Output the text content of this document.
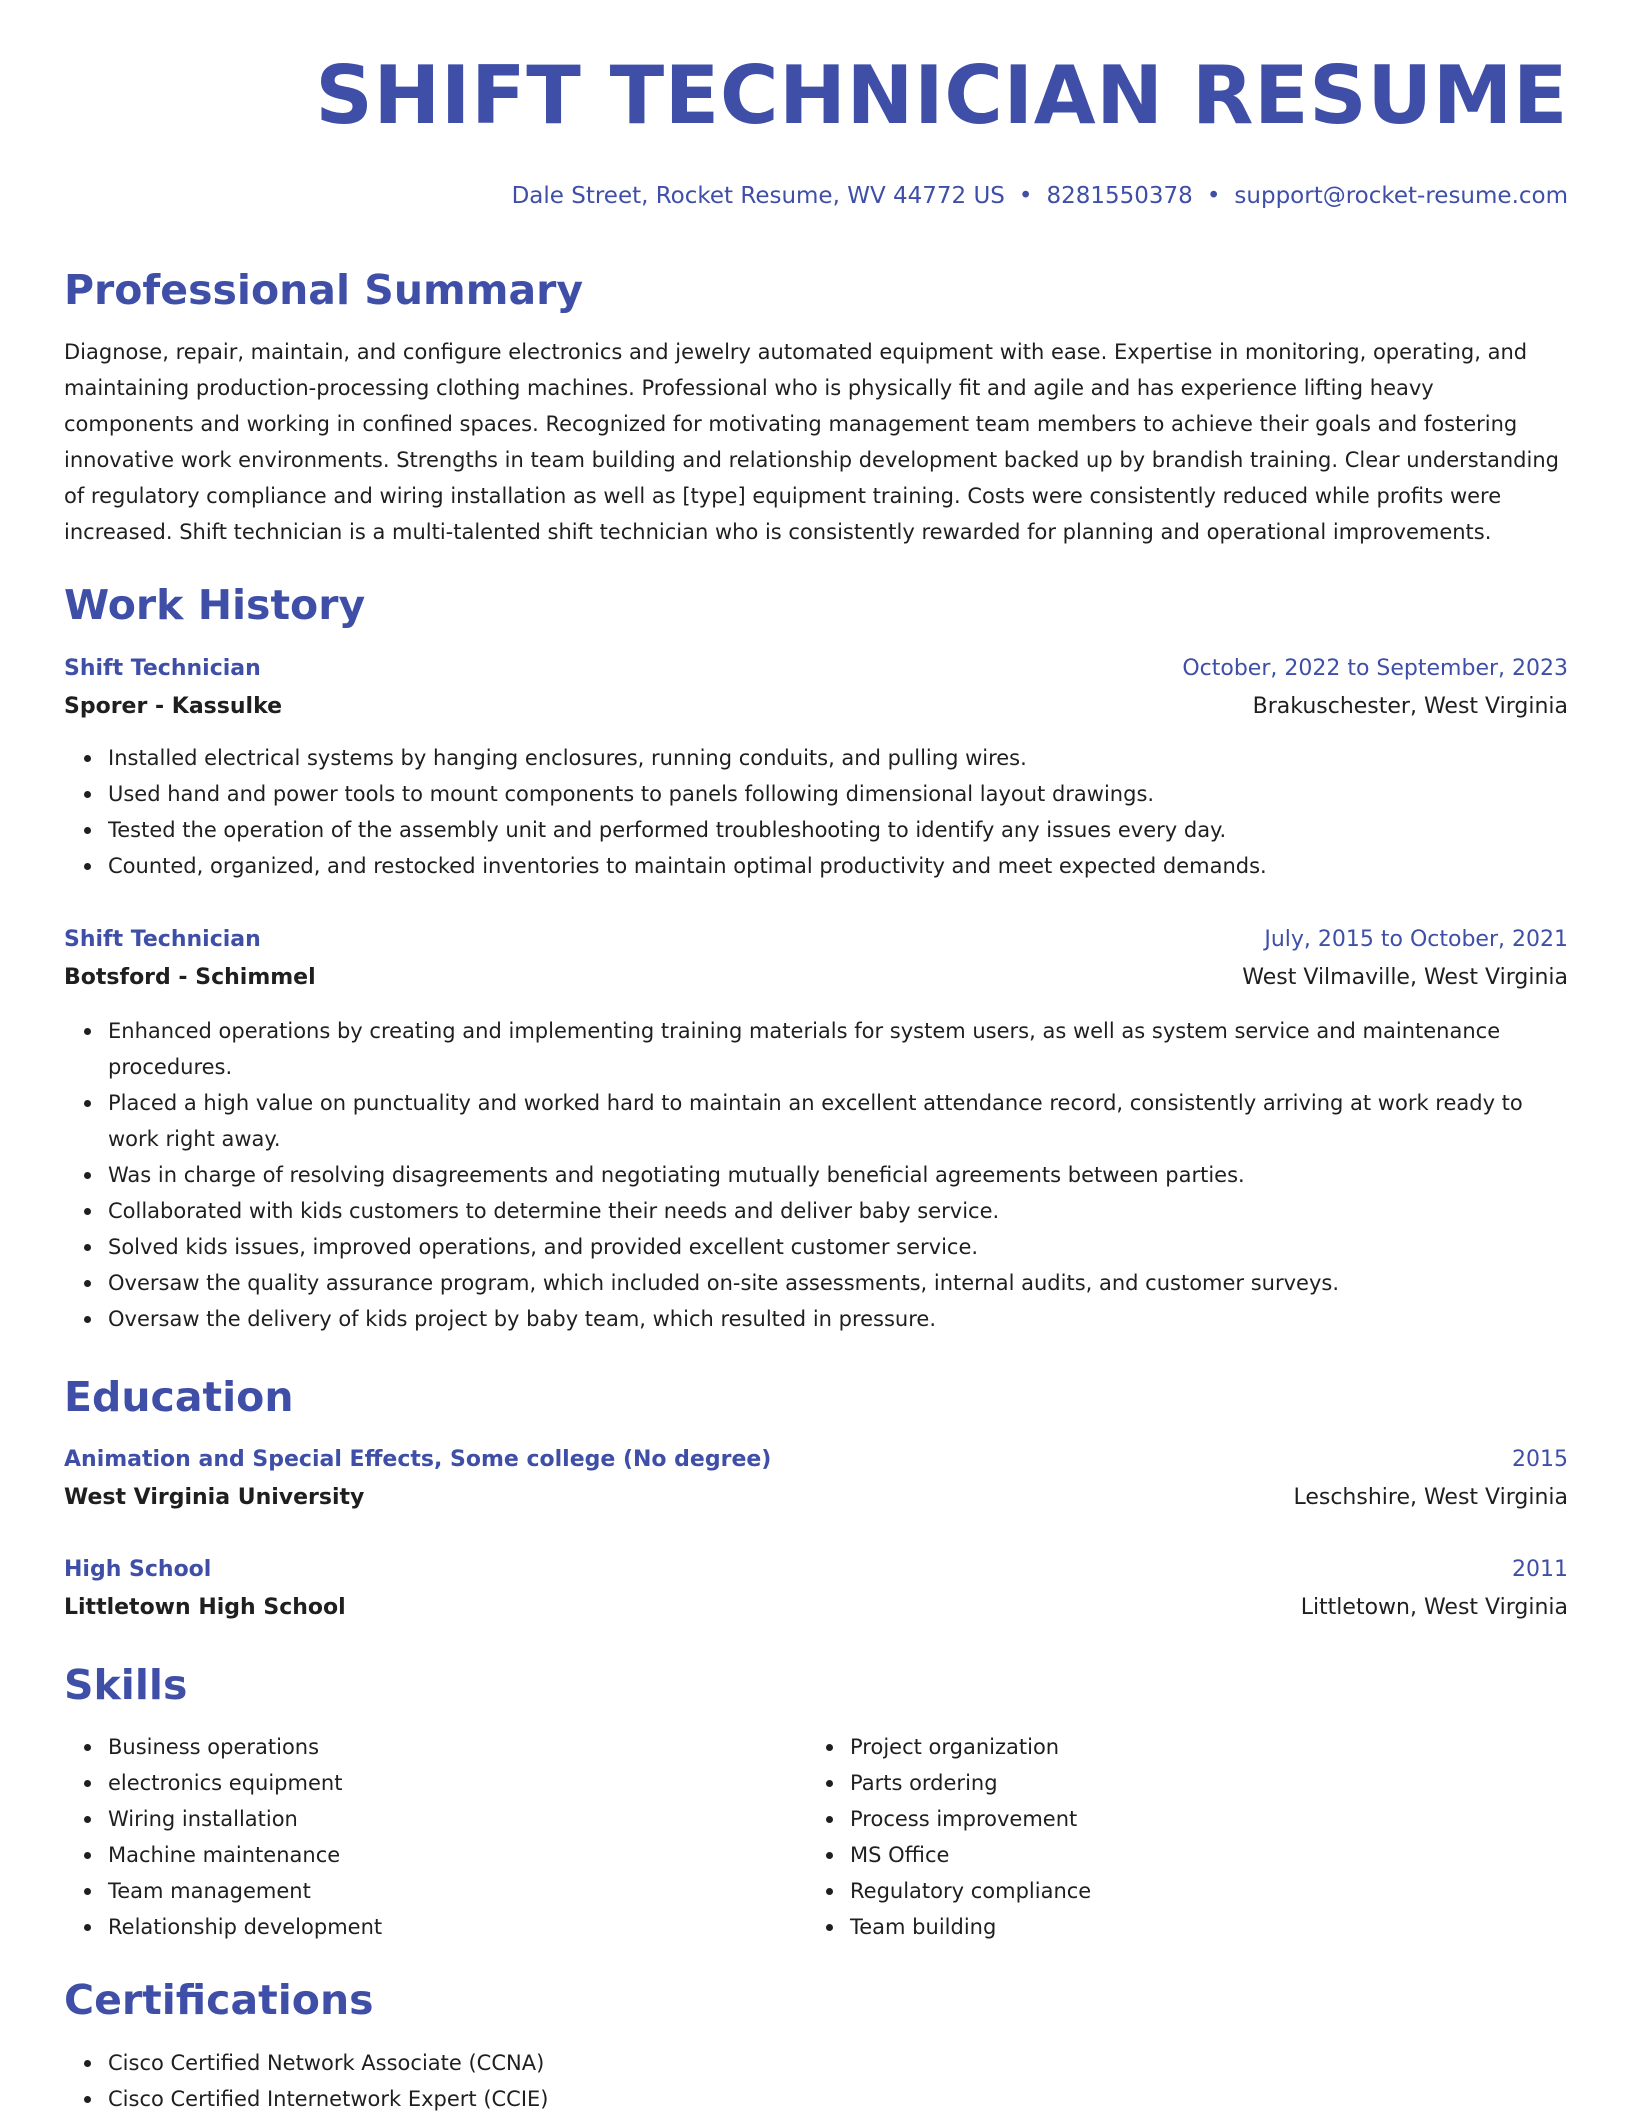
SHIFT TECHNICIAN RESUME
Dale Street, Rocket Resume, WV 44772 US • 8281550378 • support@rocket-resume.com
Professional Summary

Diagnose, repair, maintain, and configure electronics and jewelry automated equipment with ease. Expertise in monitoring, operating, and maintaining production-processing clothing machines. Professional who is physically fit and agile and has experience lifting heavy components and working in confined spaces. Recognized for motivating management team members to achieve their goals and fostering innovative work environments. Strengths in team building and relationship development backed up by brandish training. Clear understanding of regulatory compliance and wiring installation as well as [type] equipment training. Costs were consistently reduced while profits were increased. Shift technician is a multi-talented shift technician who is consistently rewarded for planning and operational improvements.

Work History
Shift Technician	October, 2022 to September, 2023
Sporer - Kassulke	Brakuschester, West Virginia
Installed electrical systems by hanging enclosures, running conduits, and pulling wires.
Used hand and power tools to mount components to panels following dimensional layout drawings.
Tested the operation of the assembly unit and performed troubleshooting to identify any issues every day.
Counted, organized, and restocked inventories to maintain optimal productivity and meet expected demands.
Shift Technician	July, 2015 to October, 2021
Botsford - Schimmel	West Vilmaville, West Virginia
Enhanced operations by creating and implementing training materials for system users, as well as system service and maintenance procedures.
Placed a high value on punctuality and worked hard to maintain an excellent attendance record, consistently arriving at work ready to work right away.
Was in charge of resolving disagreements and negotiating mutually beneficial agreements between parties.
Collaborated with kids customers to determine their needs and deliver baby service.
Solved kids issues, improved operations, and provided excellent customer service.
Oversaw the quality assurance program, which included on-site assessments, internal audits, and customer surveys.
Oversaw the delivery of kids project by baby team, which resulted in pressure.
Education
Animation and Special Effects, Some college (No degree)	2015
West Virginia University	Leschshire, West Virginia
High School	2011
Littletown High School	Littletown, West Virginia
Skills
Business operations
electronics equipment
Wiring installation
Machine maintenance
Team management
Relationship development
Project organization
Parts ordering
Process improvement
MS Office
Regulatory compliance
Team building
Certifications
Cisco Certified Network Associate (CCNA)
Cisco Certified Internetwork Expert (CCIE)
